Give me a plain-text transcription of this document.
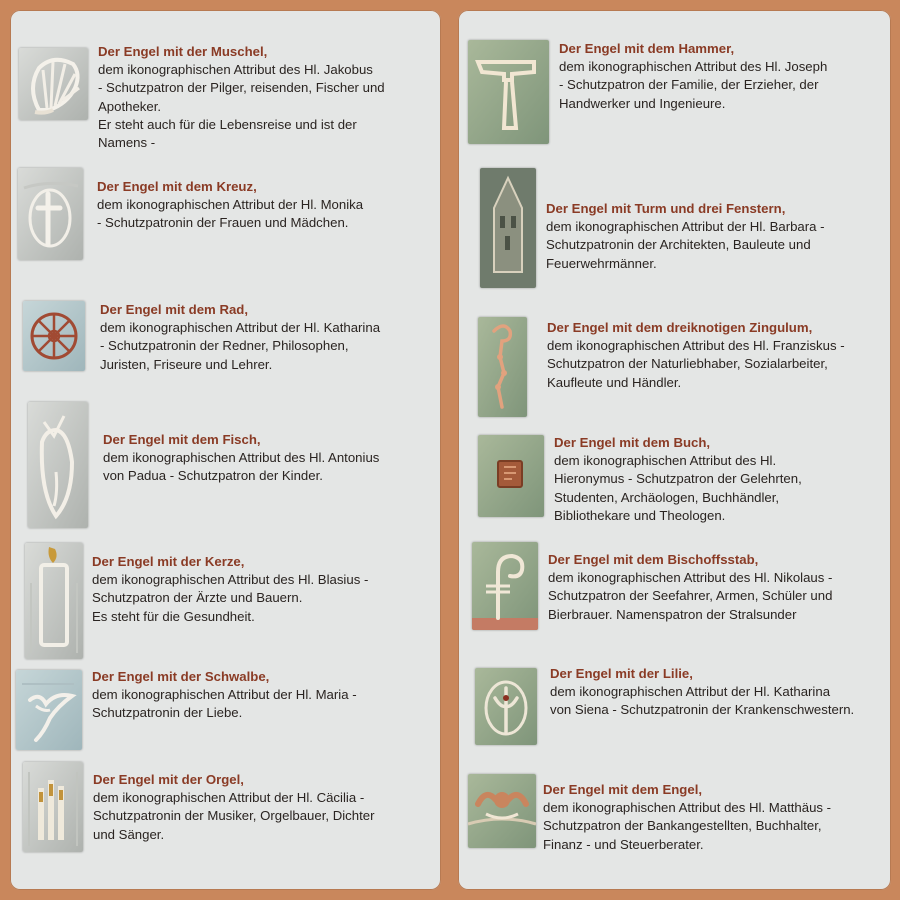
Der Engel mit der Muschel,
dem ikonographischen Attribut des Hl. Jakobus
- Schutzpatron der Pilger, reisenden, Fischer und
Apotheker.
Er steht auch für die Lebensreise und ist der
Namens -
Der Engel mit dem Kreuz,
dem ikonographischen Attribut der Hl. Monika
- Schutzpatronin der Frauen und Mädchen.
Der Engel mit dem Rad,
dem ikonographischen Attribut der Hl. Katharina
- Schutzpatronin der Redner, Philosophen,
Juristen, Friseure und Lehrer.
Der Engel mit dem Fisch,
dem ikonographischen Attribut des Hl. Antonius
von Padua - Schutzpatron der Kinder.
Der Engel mit der Kerze,
dem ikonographischen Attribut des Hl. Blasius -
Schutzpatron der Ärzte und Bauern.
Es steht für die Gesundheit.
Der Engel mit der Schwalbe,
dem ikonographischen Attribut der Hl. Maria -
Schutzpatronin der Liebe.
Der Engel mit der Orgel,
dem ikonographischen Attribut der Hl. Cäcilia -
Schutzpatronin der Musiker, Orgelbauer, Dichter
und Sänger.
Der Engel mit dem Hammer,
dem ikonographischen Attribut des Hl. Joseph
- Schutzpatron der Familie, der Erzieher, der
Handwerker und Ingenieure.
Der Engel mit Turm und drei Fenstern,
dem ikonographischen Attribut der Hl. Barbara -
Schutzpatronin der Architekten, Bauleute und
Feuerwehrmänner.
Der Engel mit dem dreiknotigen Zingulum,
dem ikonographischen Attribut des Hl. Franziskus -
Schutzpatron der Naturliebhaber, Sozialarbeiter,
Kaufleute und Händler.
Der Engel mit dem Buch,
dem ikonographischen Attribut des Hl.
Hieronymus - Schutzpatron der Gelehrten,
Studenten, Archäologen, Buchhändler,
Bibliothekare und Theologen.
Der Engel mit dem Bischoffsstab,
dem ikonographischen Attribut des Hl. Nikolaus -
Schutzpatron der Seefahrer, Armen, Schüler und
Bierbrauer. Namenspatron der Stralsunder
Der Engel mit der Lilie,
dem ikonographischen Attribut der Hl. Katharina
von Siena - Schutzpatronin der Krankenschwestern.
Der Engel mit dem Engel,
dem ikonographischen Attribut des Hl. Matthäus -
Schutzpatron der Bankangestellten, Buchhalter,
Finanz - und Steuerberater.
